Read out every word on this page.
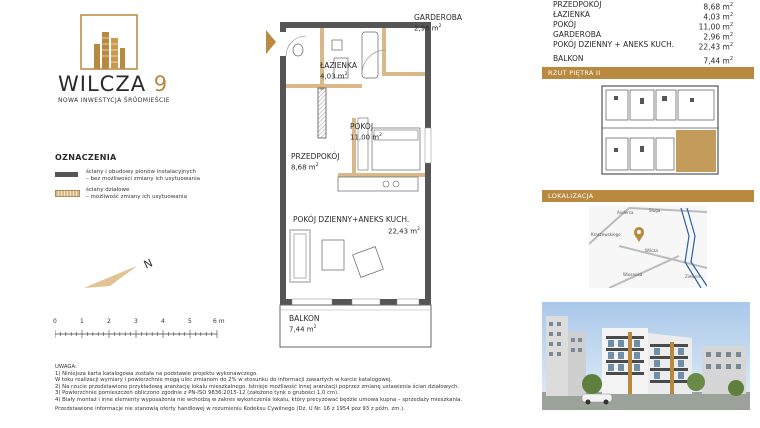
WILCZA 9
NOWA INWESTYCJA ŚRÓDMIEŚCIE
OZNACZENIA
ściany i obudowy pionów instalacyjnych
– bez możliwości zmiany ich usytuowania
ściany działowe
– możliwość zmiany ich usytuowania
N
0	1	2	3	4	5	6 m
GARDEROBA
2,96 $m^2$
ŁAZIENKA
4,03 $m^2$
POKÓJ
11,00 $m^2$
PRZEDPOKÓJ
8,68 $m^2$
POKÓJ DZIENNY+ANEKS KUCH.
22,43 $m^2$
BALKON
7,44 $m^2$
UWAGA:
1) Niniejsza karta katalogowa została na podstawie projektu wykonawczego.
W toku realizacji wymiary i powierzchnie mogą ulec zmianom do 2% w stosunku do informacji zawartych w karcie katalogowej.
2) Na rzucie przedstawiono przykładową aranżację lokalu mieszkalnego. Istnieje możliwość innej aranżacji poprzez zmianę ustawienia ścian działowych.
3) Powierzchnie pomieszczeń obliczono zgodnie z PN-ISO 9836:2015-12 (założono tynk o grubości 1,0 cm).
4) Biały montaż i inne elementy wyposażenia nie wchodzą w zakres wykończenia lokalu, który precyzować będzie umowa kupna – sprzedaży mieszkania.
Przedstawione informacje nie stanowią oferty handlowej w rozumieniu Kodeksu Cywilnego (Dz. U Nr. 16 z 1954 poz 93 z późn. zm.).
PRZEDPOKÓJ	8,68 $m^2$
ŁAZIENKA	4,03 $m^2$
POKÓJ	11,00 $m^2$
GARDEROBA	2,96 $m^2$
POKÓJ DZIENNY + ANEKS KUCH.	22,43 $m^2$
BALKON	7,44 $m^2$
RZUT PIĘTRA II
LOKALIZACJA
Andersa	Sługa
Wilcza
Wiosenka	Zielona
Kraszewskiego
